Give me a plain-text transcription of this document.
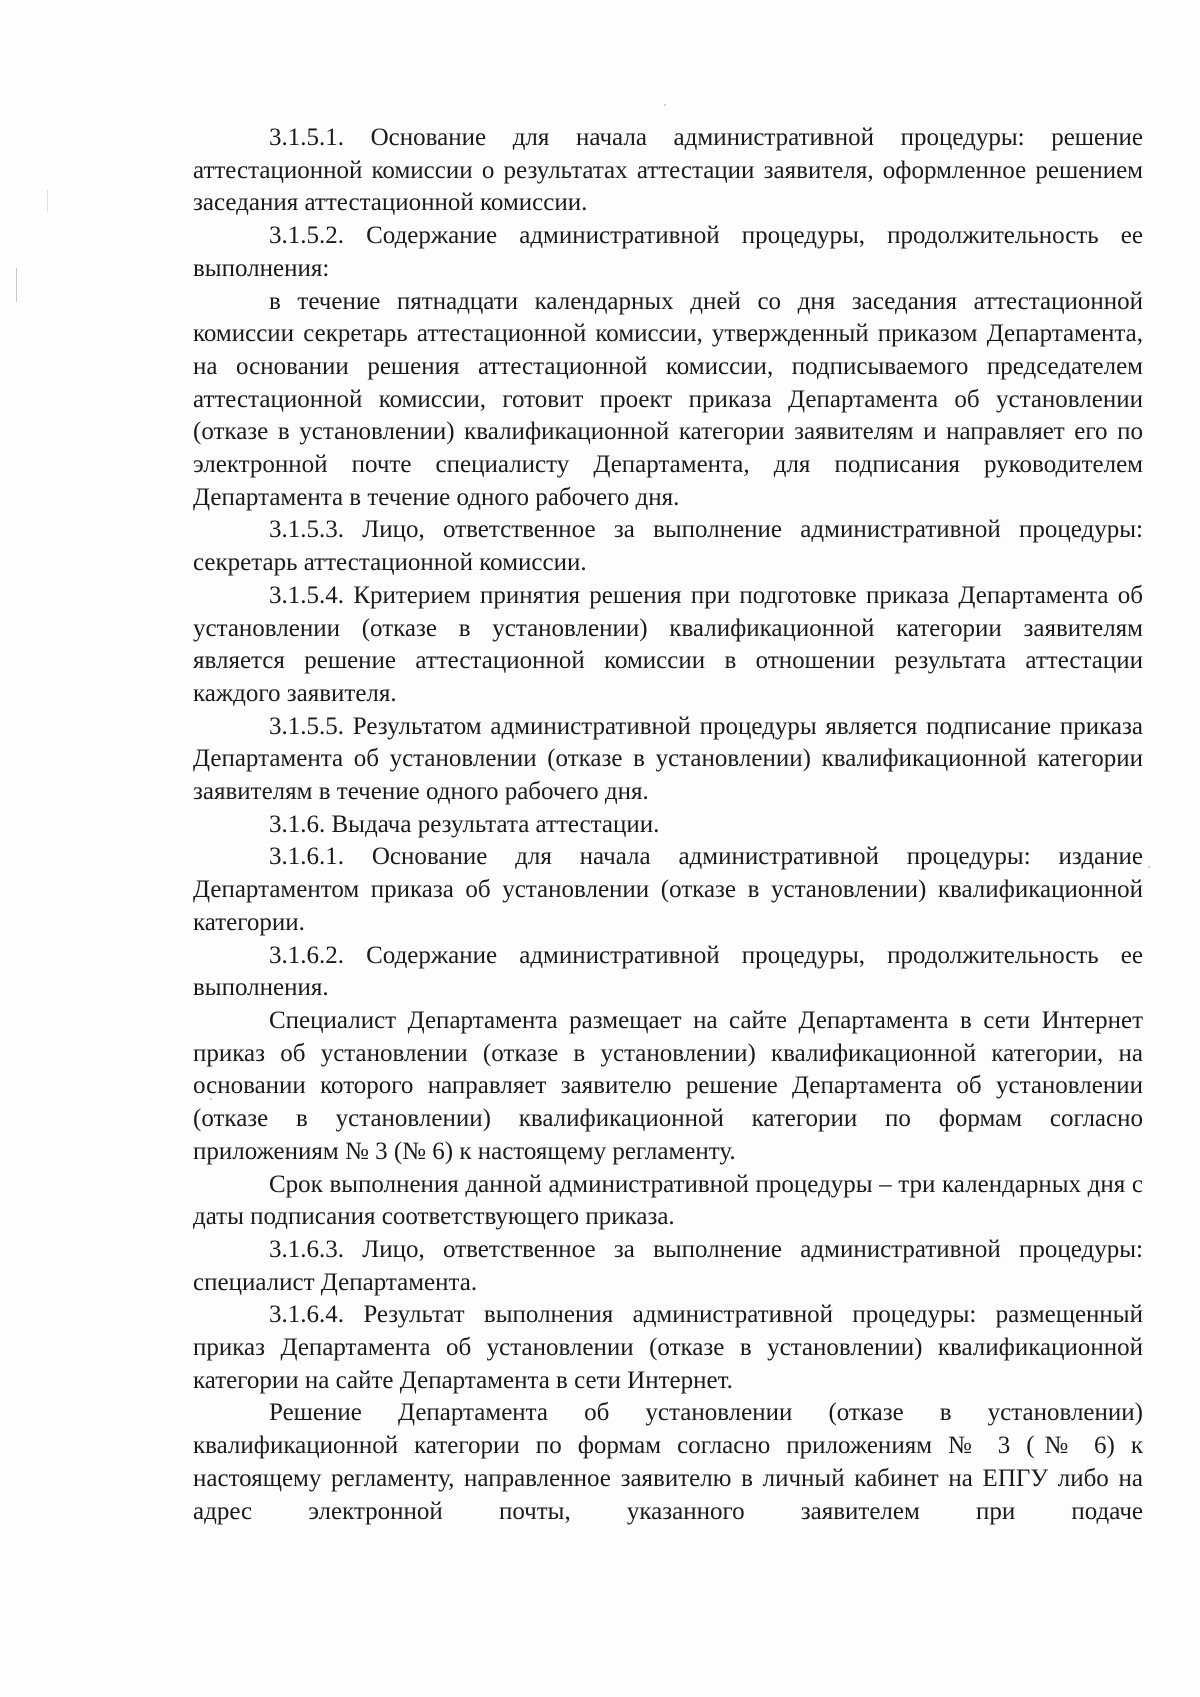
3.1.5.1. Основание для начала административной процедуры: решение аттестационной комиссии о результатах аттестации заявителя, оформленное решением заседания аттестационной комиссии.

3.1.5.2. Содержание административной процедуры, продолжительность ее выполнения:

в течение пятнадцати календарных дней со дня заседания аттестационной комиссии секретарь аттестационной комиссии, утвержденный приказом Департамента, на основании решения аттестационной комиссии, подписываемого председателем аттестационной комиссии, готовит проект приказа Департамента об установлении (отказе в установлении) квалификационной категории заявителям и направляет его по электронной почте специалисту Департамента, для подписания руководителем Департамента в течение одного рабочего дня.

3.1.5.3. Лицо, ответственное за выполнение административной процедуры: секретарь аттестационной комиссии.

3.1.5.4. Критерием принятия решения при подготовке приказа Департамента об установлении (отказе в установлении) квалификационной категории заявителям является решение аттестационной комиссии в отношении результата аттестации каждого заявителя.

3.1.5.5. Результатом административной процедуры является подписание приказа Департамента об установлении (отказе в установлении) квалификационной категории заявителям в течение одного рабочего дня.

3.1.6. Выдача результата аттестации.

3.1.6.1. Основание для начала административной процедуры: издание Департаментом приказа об установлении (отказе в установлении) квалификационной категории.

3.1.6.2. Содержание административной процедуры, продолжительность ее выполнения.

Специалист Департамента размещает на сайте Департамента в сети Интернет приказ об установлении (отказе в установлении) квалификационной категории, на основании которого направляет заявителю решение Департамента об установлении (отказе в установлении) квалификационной категории по формам согласно приложениям № 3 (№ 6) к настоящему регламенту.

Срок выполнения данной административной процедуры – три календарных дня с даты подписания соответствующего приказа.

3.1.6.3. Лицо, ответственное за выполнение административной процедуры: специалист Департамента.

3.1.6.4. Результат выполнения административной процедуры: размещенный приказ Департамента об установлении (отказе в установлении) квалификационной категории на сайте Департамента в сети Интернет.

Решение Департамента об установлении (отказе в установлении) квалификационной категории по формам согласно приложениям № 3 (№ 6) к настоящему регламенту, направленное заявителю в личный кабинет на ЕПГУ либо на адрес электронной почты, указанного заявителем при подаче
